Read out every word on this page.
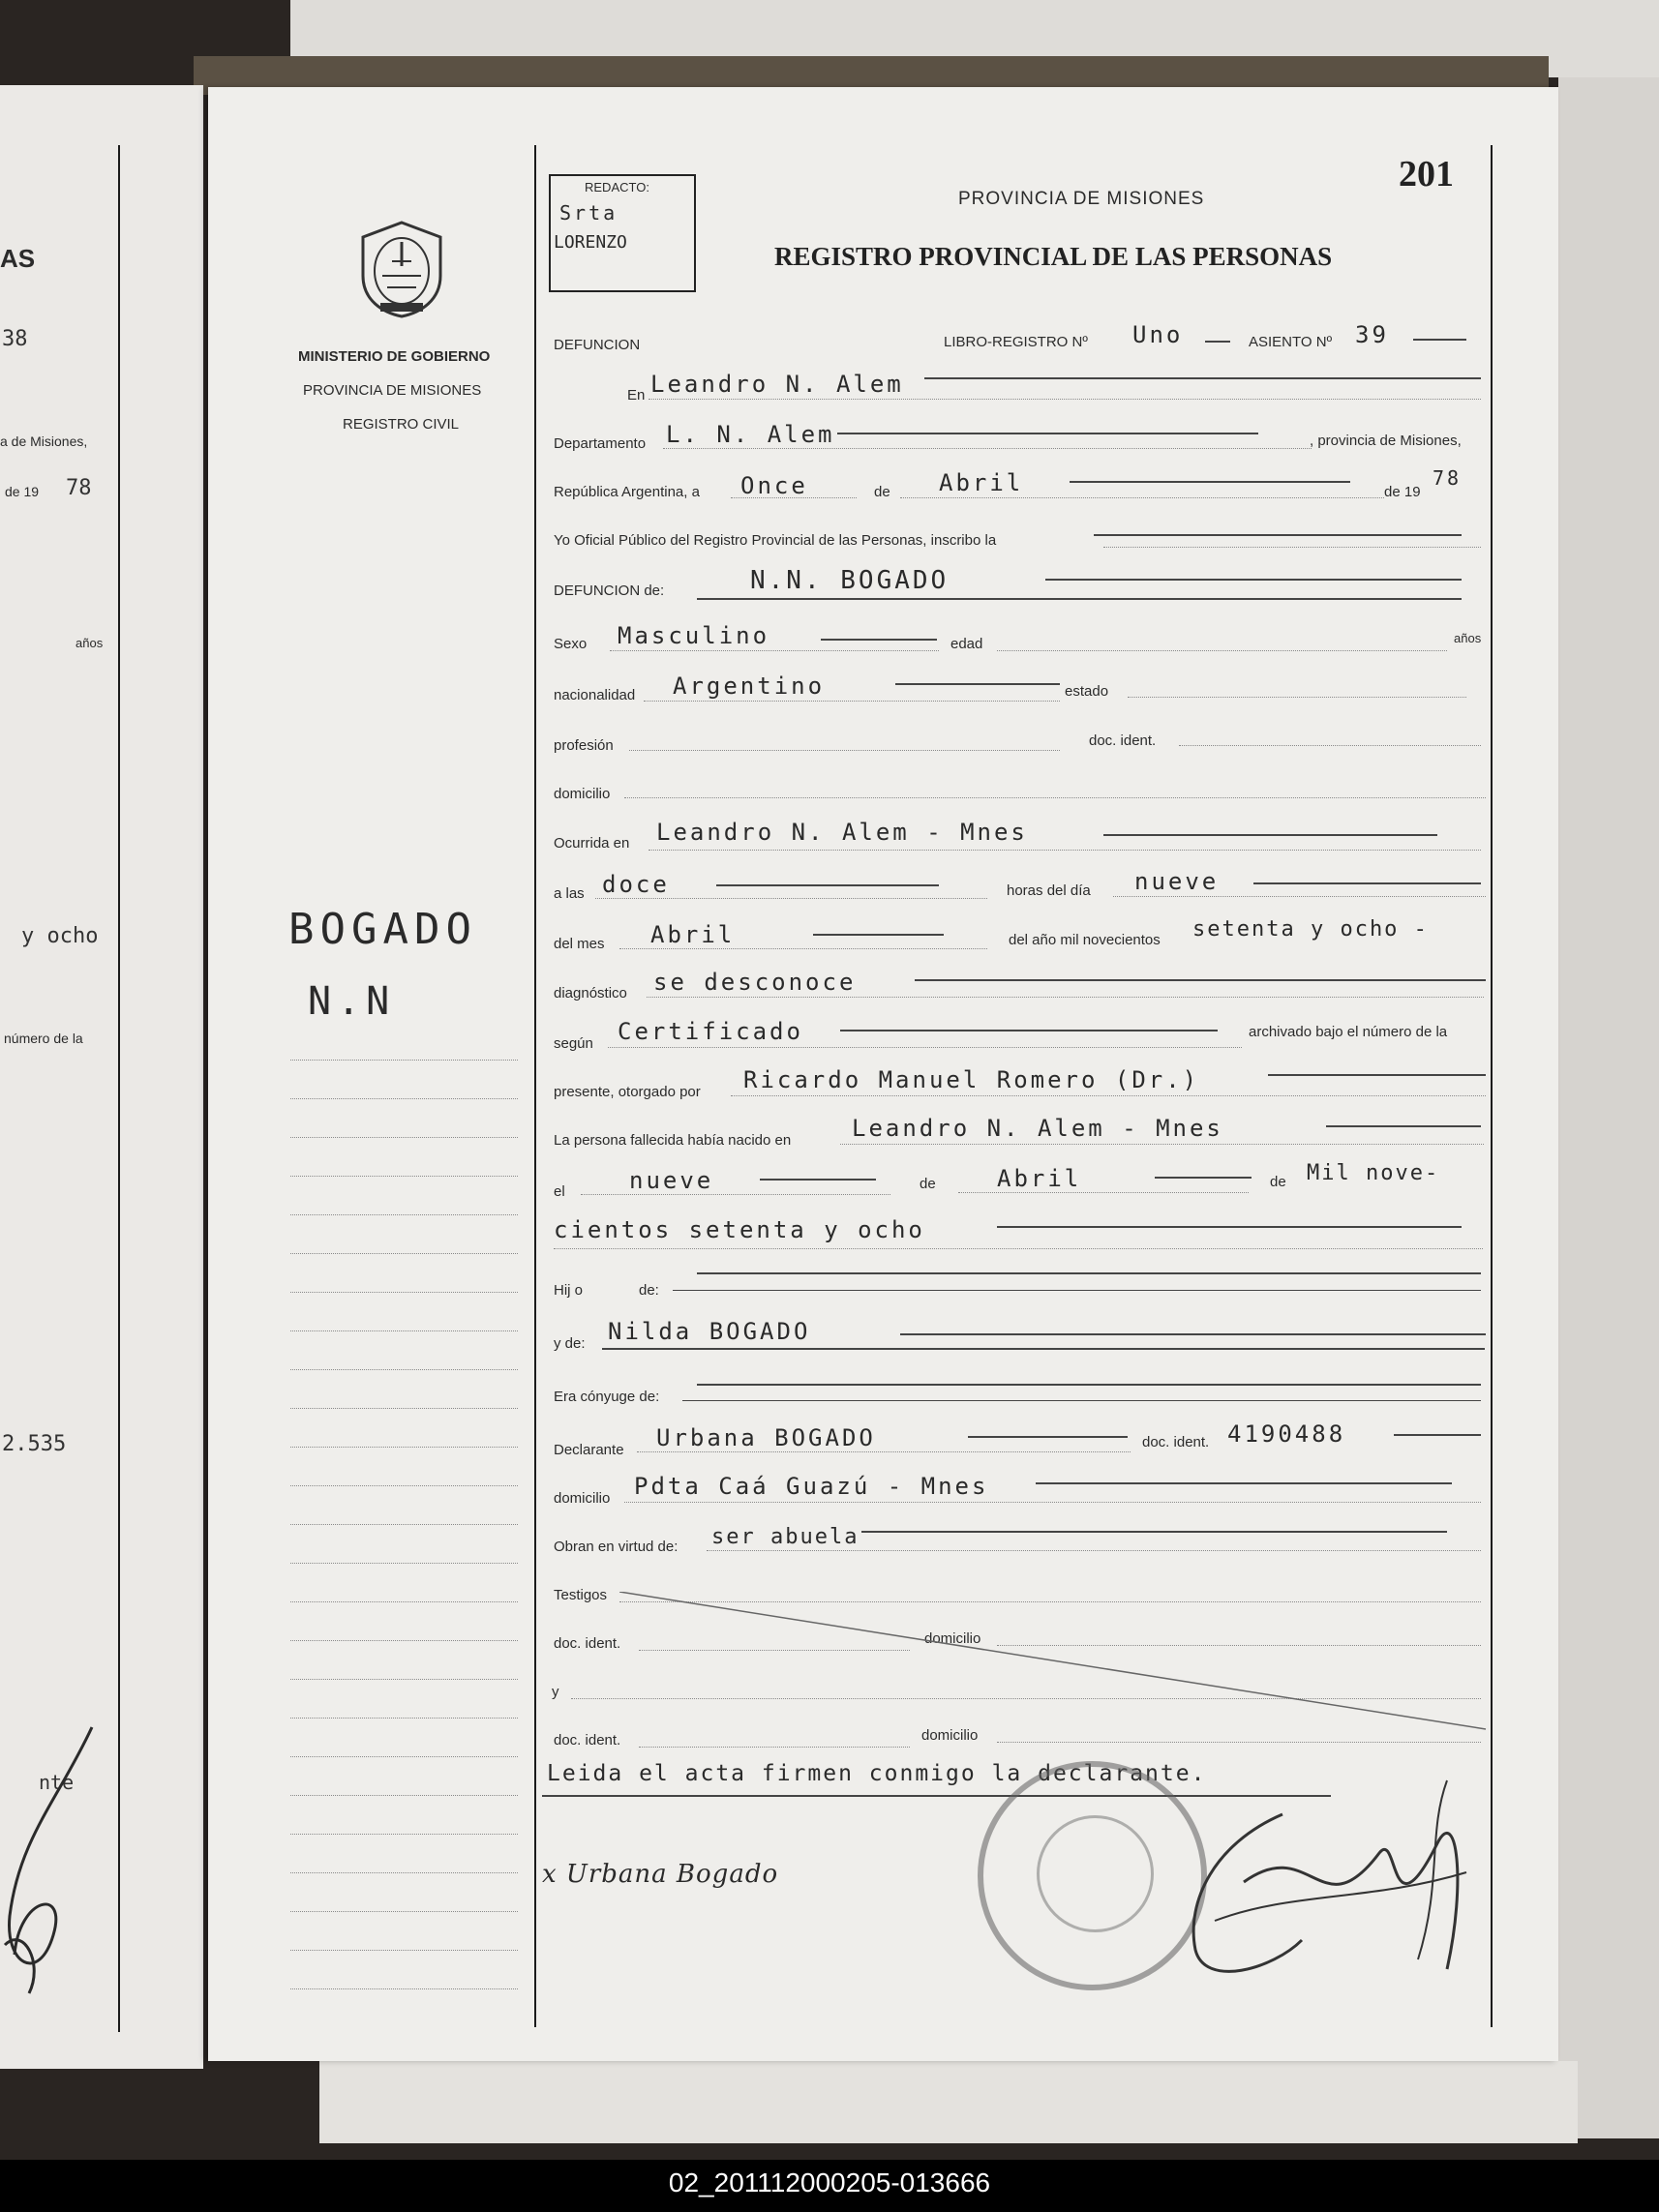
AS
38
a de Misiones,
de 19 78
años
y ocho
número de la
2.535
nte
201
REDACTO:
Srta
LORENZO
PROVINCIA DE MISIONES
REGISTRO PROVINCIAL DE LAS PERSONAS
MINISTERIO DE GOBIERNO
PROVINCIA DE MISIONES
REGISTRO CIVIL
BOGADO
N.N
DEFUNCION	LIBRO-REGISTRO Nº Uno	ASIENTO Nº 39
En Leandro N. Alem
Departamento L. N. Alem	, provincia de Misiones,
República Argentina, a Once	de Abril	de 19
78
Yo Oficial Público del Registro Provincial de las Personas, inscribo la
DEFUNCION de:	N.N. BOGADO
Sexo Masculino	edad	años
nacionalidad Argentino	estado
profesión	doc. ident.
domicilio
Ocurrida en Leandro N. Alem - Mnes
a las doce	horas del día nueve
del mes Abril	del año mil novecientos setenta y ocho -
diagnóstico se desconoce
según Certificado	archivado bajo el número de la
presente, otorgado por Ricardo Manuel Romero (Dr.)
La persona fallecida había nacido en	Leandro N. Alem - Mnes
el	nueve	de	Abril	de Mil nove-
cientos setenta y ocho
Hij o	de:
y de: Nilda BOGADO
Era cónyuge de:
Declarante Urbana BOGADO	doc. ident. 4190488
domicilio Pdta Caá Guazú - Mnes
Obran en virtud de: ser abuela
Testigos
doc. ident.	domicilio
y
doc. ident.	domicilio
Leida el acta firmen conmigo la declarante.
x Urbana Bogado
02_201112000205-013666
